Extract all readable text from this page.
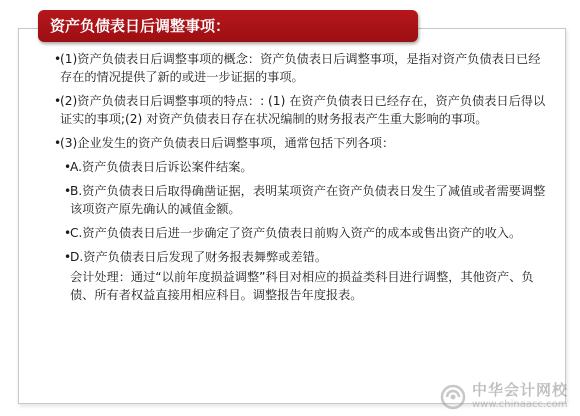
资产负债表日后调整事项：
•
(1)资产负债表日后调整事项的概念：资产负债表日后调整事项，是指对资产负债表日已经存在的情况提供了新的或进一步证据的事项。
•
(2)资产负债表日后调整事项的特点：: (1) 在资产负债表日已经存在，资产负债表日后得以证实的事项;(2) 对资产负债表日存在状况编制的财务报表产生重大影响的事项。
•
(3)企业发生的资产负债表日后调整事项，通常包括下列各项：
•
A.资产负债表日后诉讼案件结案。
•
B.资产负债表日后取得确凿证据，表明某项资产在资产负债表日发生了减值或者需要调整该项资产原先确认的减值金额。
•
C.资产负债表日后进一步确定了资产负债表日前购入资产的成本或售出资产的收入。
•
D.资产负债表日后发现了财务报表舞弊或差错。
会计处理：通过“以前年度损益调整”科目对相应的损益类科目进行调整，其他资产、负债、所有者权益直接用相应科目。调整报告年度报表。
中华会计网校
www.chinaacc.com
